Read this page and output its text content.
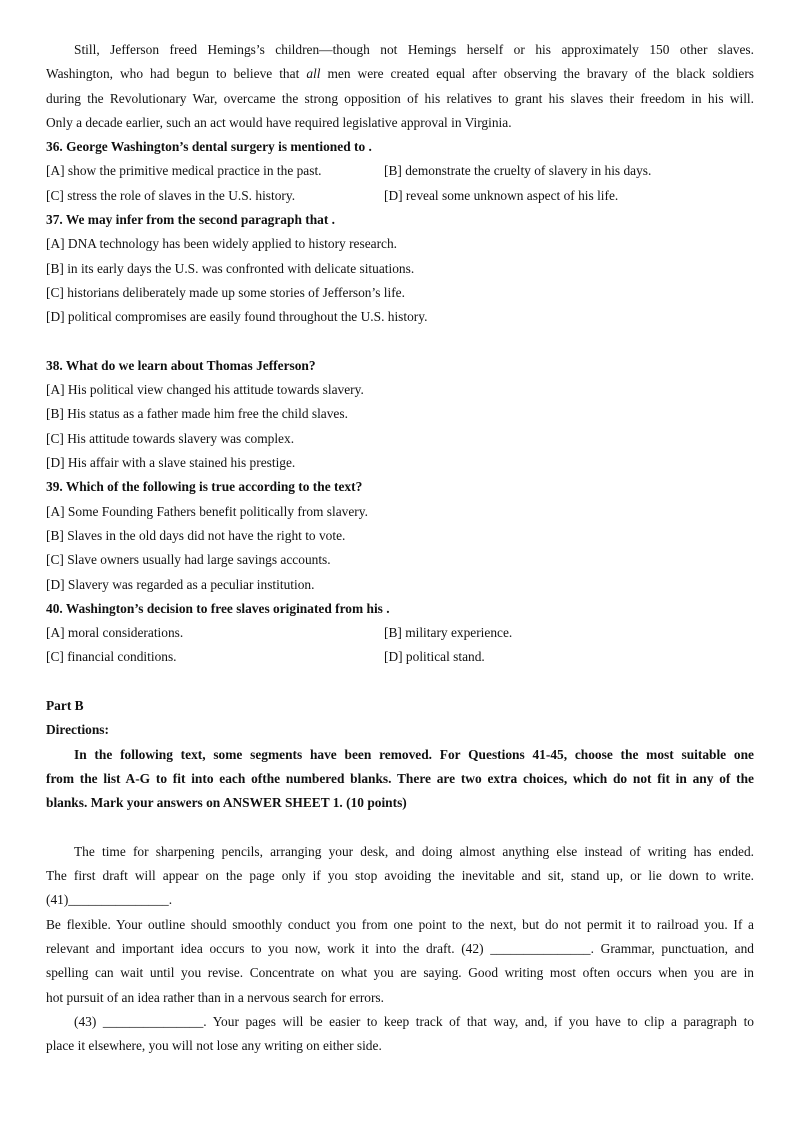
Still, Jefferson freed Hemings’s children—though not Hemings herself or his approximately 150 other slaves.
Washington, who had begun to believe that all men were created equal after observing the bravary of the black soldiers
during the Revolutionary War, overcame the strong opposition of his relatives to grant his slaves their freedom in his will.
Only a decade earlier, such an act would have required legislative approval in Virginia.
36. George Washington’s dental surgery is mentioned to .
[A] show the primitive medical practice in the past.	[B] demonstrate the cruelty of slavery in his days.
[C] stress the role of slaves in the U.S. history.	[D] reveal some unknown aspect of his life.
37. We may infer from the second paragraph that .
[A] DNA technology has been widely applied to history research.
[B] in its early days the U.S. was confronted with delicate situations.
[C] historians deliberately made up some stories of Jefferson’s life.
[D] political compromises are easily found throughout the U.S. history.
38. What do we learn about Thomas Jefferson?
[A] His political view changed his attitude towards slavery.
[B] His status as a father made him free the child slaves.
[C] His attitude towards slavery was complex.
[D] His affair with a slave stained his prestige.
39. Which of the following is true according to the text?
[A] Some Founding Fathers benefit politically from slavery.
[B] Slaves in the old days did not have the right to vote.
[C] Slave owners usually had large savings accounts.
[D] Slavery was regarded as a peculiar institution.
40. Washington’s decision to free slaves originated from his .
[A] moral considerations.	[B] military experience.
[C] financial conditions.	[D] political stand.
Part B
Directions:
In the following text, some segments have been removed. For Questions 41-45, choose the most suitable one
from the list A-G to fit into each ofthe numbered blanks. There are two extra choices, which do not fit in any of the
blanks. Mark your answers on ANSWER SHEET 1. (10 points)
The time for sharpening pencils, arranging your desk, and doing almost anything else instead of writing has ended.
The first draft will appear on the page only if you stop avoiding the inevitable and sit, stand up, or lie down to write.
(41)_______________.
Be flexible. Your outline should smoothly conduct you from one point to the next, but do not permit it to railroad you. If a
relevant and important idea occurs to you now, work it into the draft. (42) _______________. Grammar, punctuation, and
spelling can wait until you revise. Concentrate on what you are saying. Good writing most often occurs when you are in
hot pursuit of an idea rather than in a nervous search for errors.
(43) _______________. Your pages will be easier to keep track of that way, and, if you have to clip a paragraph to
place it elsewhere, you will not lose any writing on either side.
